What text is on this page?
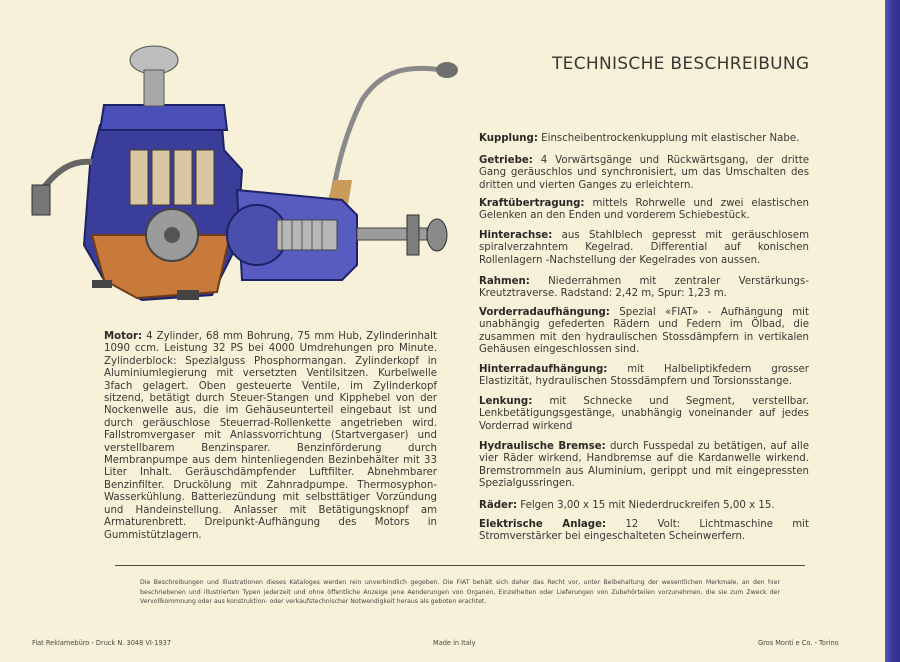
TECHNISCHE BESCHREIBUNG
Motor: 4 Zylinder, 68 mm Bohrung, 75 mm Hub, Zylinderinhalt 1090 ccm. Leistung 32 PS bei 4000 Umdrehungen pro Minute. Zylinderblock: Spezialguss Phosphormangan. Zylinderkopf in Aluminiumlegierung mit versetzten Ventilsitzen. Kurbelwelle 3fach gelagert. Oben gesteuerte Ventile, im Zylinderkopf sitzend, betätigt durch Steuer-Stangen und Kipphebel von der Nockenwelle aus, die im Gehäuseunterteil eingebaut ist und durch geräuschlose Steuerrad-Rollenkette angetrieben wird. Fallstromvergaser mit Anlassvorrichtung (Startvergaser) und verstellbarem Benzinsparer. Benzinförderung durch Membranpumpe aus dem hintenliegenden Bezinbehälter mit 33 Liter Inhalt. Geräuschdämpfender Luftfilter. Abnehmbarer Benzinfilter. Druckölung mit Zahnradpumpe. Thermosyphon-Wasserkühlung. Batteriezündung mit selbsttätiger Vorzündung und Handeinstellung. Anlasser mit Betätigungsknopf am Armaturenbrett. Dreipunkt-Aufhängung des Motors in Gummistützlagern.
Kupplung: Einscheibentrockenkupplung mit elastischer Nabe.
Getriebe: 4 Vorwärtsgänge und Rückwärtsgang, der dritte Gang geräuschlos und synchronisiert, um das Umschalten des dritten und vierten Ganges zu erleichtern.
Kraftübertragung: mittels Rohrwelle und zwei elastischen Gelenken an den Enden und vorderem Schiebestück.
Hinterachse: aus Stahlblech gepresst mit geräuschlosem spiralverzahntem Kegelrad. Differential auf konischen Rollenlagern -Nachstellung der Kegelrades von aussen.
Rahmen: Niederrahmen mit zentraler Verstärkungs-Kreutztraverse. Radstand: 2,42 m, Spur: 1,23 m.
Vorderradaufhängung: Spezial «FIAT» - Aufhängung mit unabhängig gefederten Rädern und Federn im Ölbad, die zusammen mit den hydraulischen Stossdämpfern in vertikalen Gehäusen eingeschlossen sind.
Hinterradaufhängung: mit Halbeliptikfedern grosser Elastizität, hydraulischen Stossdämpfern und Torsionsstange.
Lenkung: mit Schnecke und Segment, verstellbar. Lenkbetätigungsgestänge, unabhängig voneinander auf jedes Vorderrad wirkend
Hydraulische Bremse: durch Fusspedal zu betätigen, auf alle vier Räder wirkend, Handbremse auf die Kardanwelle wirkend. Bremstrommeln aus Aluminium, gerippt und mit eingepressten Spezialgussringen.
Räder: Felgen 3,00 x 15 mit Niederdruckreifen 5,00 x 15.
Elektrische Anlage: 12 Volt: Lichtmaschine mit Stromverstärker bei eingeschalteten Scheinwerfern.
Die Beschreibungen und Illustrationen dieses Kataloges werden rein unverbindlich gegeben. Die FIAT behält sich daher das Recht vor, unter Beibehaltung der wesentlichen Merkmale, an den hier beschriebenen und illustrierten Typen jederzeit und ohne öffentliche Anzeige jene Aenderungen von Organen, Einzelheiten oder Lieferungen von Zubehörteilen vorzunehmen, die sie zum Zweck der Vervollkommnung oder aus konstruktion- oder verkaufstechnischer Notwendigkeit heraus als geboten erachtet.
Fiat Reklamebüro - Druck N. 3048 VI-1937	Made in Italy	Gros Monti e Co. - Torino
